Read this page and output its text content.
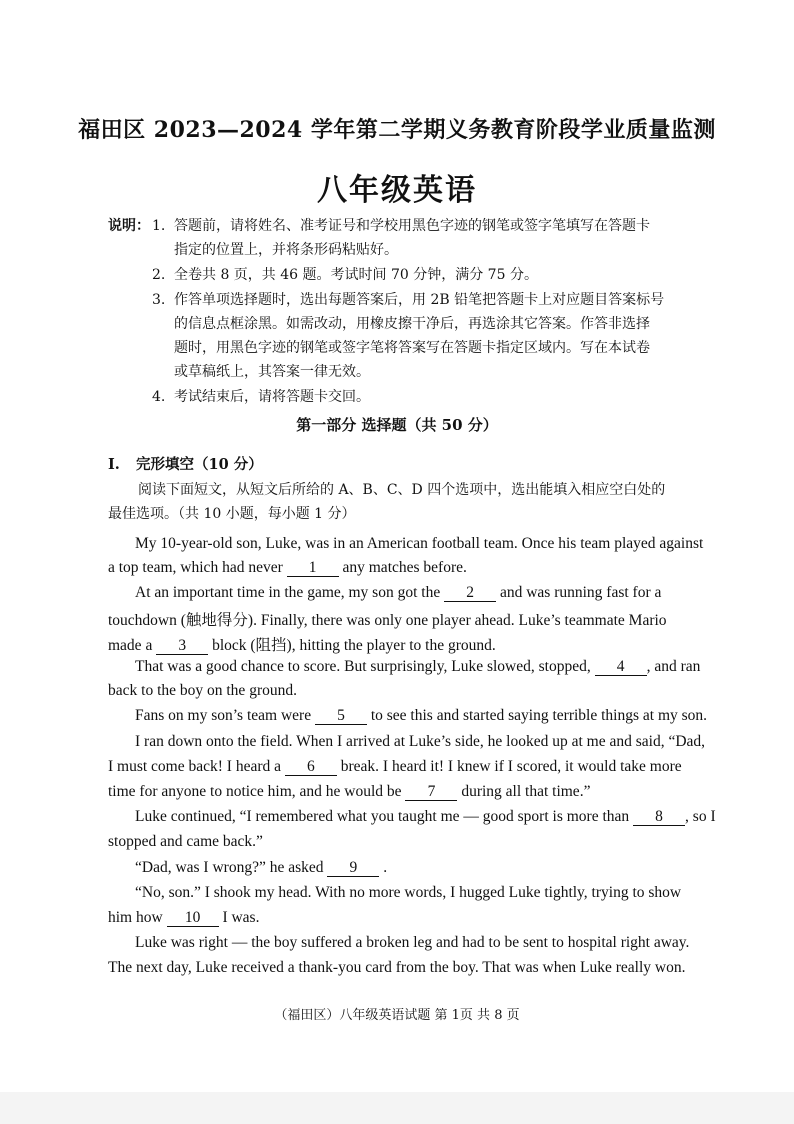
福田区 2023—2024 学年第二学期义务教育阶段学业质量监测
八年级英语
说明： 1. 答题前，请将姓名、准考证号和学校用黑色字迹的钢笔或签字笔填写在答题卡
指定的位置上，并将条形码粘贴好。
2. 全卷共 8 页，共 46 题。考试时间 70 分钟，满分 75 分。
3. 作答单项选择题时，选出每题答案后，用 2B 铅笔把答题卡上对应题目答案标号
的信息点框涂黑。如需改动，用橡皮擦干净后，再选涂其它答案。作答非选择
题时，用黑色字迹的钢笔或签字笔将答案写在答题卡指定区域内。写在本试卷
或草稿纸上，其答案一律无效。
4. 考试结束后，请将答题卡交回。
第一部分 选择题（共 50 分）
I. 完形填空（10 分）
阅读下面短文，从短文后所给的 A、B、C、D 四个选项中，选出能填入相应空白处的
最佳选项。（共 10 小题，每小题 1 分）
My 10-year-old son, Luke, was in an American football team. Once his team played against
a top team, which had never 1 any matches before.
At an important time in the game, my son got the 2 and was running fast for a
touchdown (触地得分). Finally, there was only one player ahead. Luke’s teammate Mario
made a 3 block (阻挡), hitting the player to the ground.
That was a good chance to score. But surprisingly, Luke slowed, stopped, 4 , and ran
back to the boy on the ground.
Fans on my son’s team were 5 to see this and started saying terrible things at my son.
I ran down onto the field. When I arrived at Luke’s side, he looked up at me and said, “Dad,
I must come back! I heard a 6 break. I heard it! I knew if I scored, it would take more
time for anyone to notice him, and he would be 7 during all that time.”
Luke continued, “I remembered what you taught me — good sport is more than 8 , so I
stopped and came back.”
“Dad, was I wrong?” he asked 9 .
“No, son.” I shook my head. With no more words, I hugged Luke tightly, trying to show
him how 10 I was.
Luke was right — the boy suffered a broken leg and had to be sent to hospital right away.
The next day, Luke received a thank-you card from the boy. That was when Luke really won.
（福田区）八年级英语试题 第 1页 共 8 页
